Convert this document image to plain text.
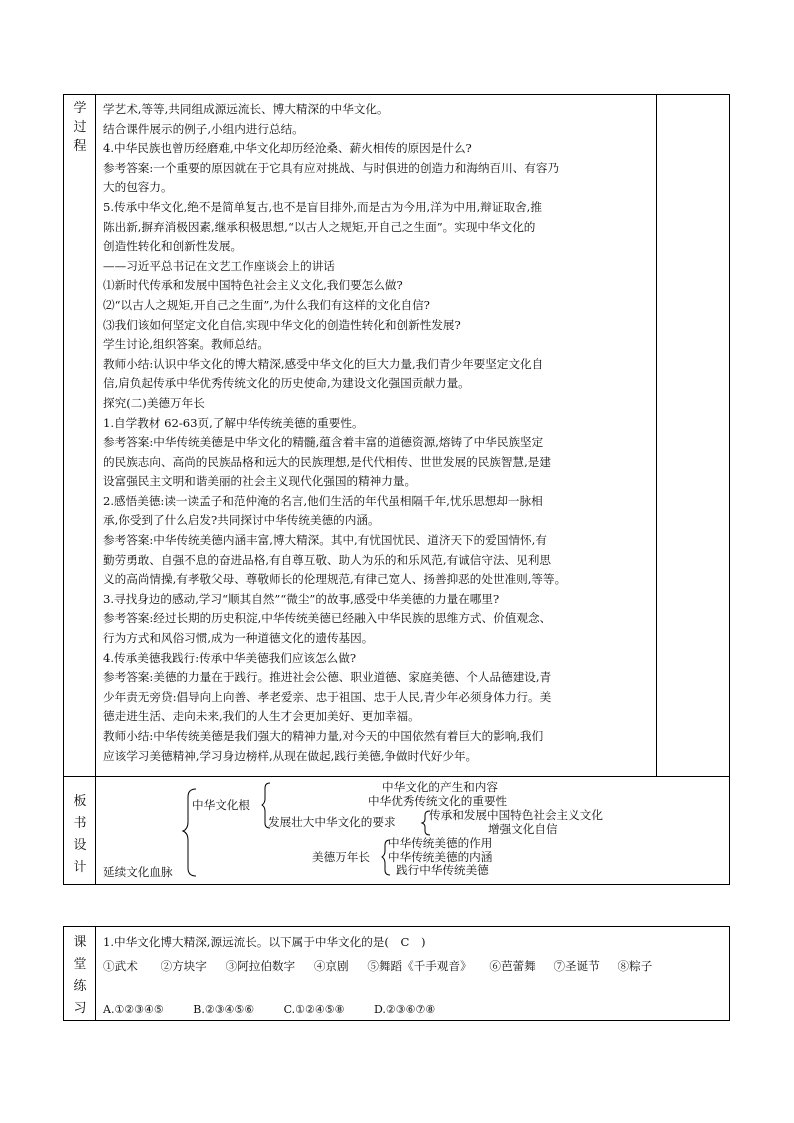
学
过
程

学艺术,等等,共同组成源远流长、博大精深的中华文化。

结合课件展示的例子,小组内进行总结。

4.中华民族也曾历经磨难,中华文化却历经沧桑、薪火相传的原因是什么?

参考答案:一个重要的原因就在于它具有应对挑战、与时俱进的创造力和海纳百川、有容乃

大的包容力。

5.传承中华文化,绝不是简单复古,也不是盲目排外,而是古为今用,洋为中用,辩证取舍,推

陈出新,摒弃消极因素,继承积极思想,“以古人之规矩,开自己之生面”。实现中华文化的

创造性转化和创新性发展。

——习近平总书记在文艺工作座谈会上的讲话

⑴新时代传承和发展中国特色社会主义文化,我们要怎么做?

⑵“以古人之规矩,开自己之生面”,为什么我们有这样的文化自信?

⑶我们该如何坚定文化自信,实现中华文化的创造性转化和创新性发展?

学生讨论,组织答案。教师总结。

教师小结:认识中华文化的博大精深,感受中华文化的巨大力量,我们青少年要坚定文化自

信,肩负起传承中华优秀传统文化的历史使命,为建设文化强国贡献力量。

探究(二)美德万年长

1.自学教材 62-63页,了解中华传统美德的重要性。

参考答案:中华传统美德是中华文化的精髓,蕴含着丰富的道德资源,熔铸了中华民族坚定

的民族志向、高尚的民族品格和远大的民族理想,是代代相传、世世发展的民族智慧,是建

设富强民主文明和谐美丽的社会主义现代化强国的精神力量。

2.感悟美德:读一读孟子和范仲淹的名言,他们生活的年代虽相隔千年,忧乐思想却一脉相

承,你受到了什么启发?共同探讨中华传统美德的内涵。

参考答案:中华传统美德内涵丰富,博大精深。其中,有忧国忧民、道济天下的爱国情怀,有

勤劳勇敢、自强不息的奋进品格,有自尊互敬、助人为乐的和乐风范,有诚信守法、见利思

义的高尚情操,有孝敬父母、尊敬师长的伦理规范,有律己宽人、扬善抑恶的处世准则,等等。

3.寻找身边的感动,学习“顺其自然”“微尘”的故事,感受中华美德的力量在哪里?

参考答案:经过长期的历史积淀,中华传统美德已经融入中华民族的思维方式、价值观念、

行为方式和风俗习惯,成为一种道德文化的遗传基因。

4.传承美德我践行:传承中华美德我们应该怎么做?

参考答案:美德的力量在于践行。推进社会公德、职业道德、家庭美德、个人品德建设,青

少年责无旁贷:倡导向上向善、孝老爱亲、忠于祖国、忠于人民,青少年必须身体力行。美

德走进生活、走向未来,我们的人生才会更加美好、更加幸福。

教师小结:中华传统美德是我们强大的精神力量,对今天的中国依然有着巨大的影响,我们

应该学习美德精神,学习身边榜样,从现在做起,践行美德,争做时代好少年。

板
书
设
计	延续文化血脉
中华文化根
中华文化的产生和内容
中华优秀传统文化的重要性
发展壮大中华文化的要求	传承和发展中国特色社会主义文化
增强文化自信
美德万年长
中华传统美德的作用
中华传统美德的内涵
践行中华传统美德
课
堂
练
习
1.中华文化博大精深,源远流长。以下属于中华文化的是(　C　)
①武术 ②方块字 ③阿拉伯数字 ④京剧 ⑤舞蹈《千手观音》 ⑥芭蕾舞 ⑦圣诞节 ⑧粽子
A.①②③④⑤	B.②③④⑤⑥	C.①②④⑤⑧	D.②③⑥⑦⑧
